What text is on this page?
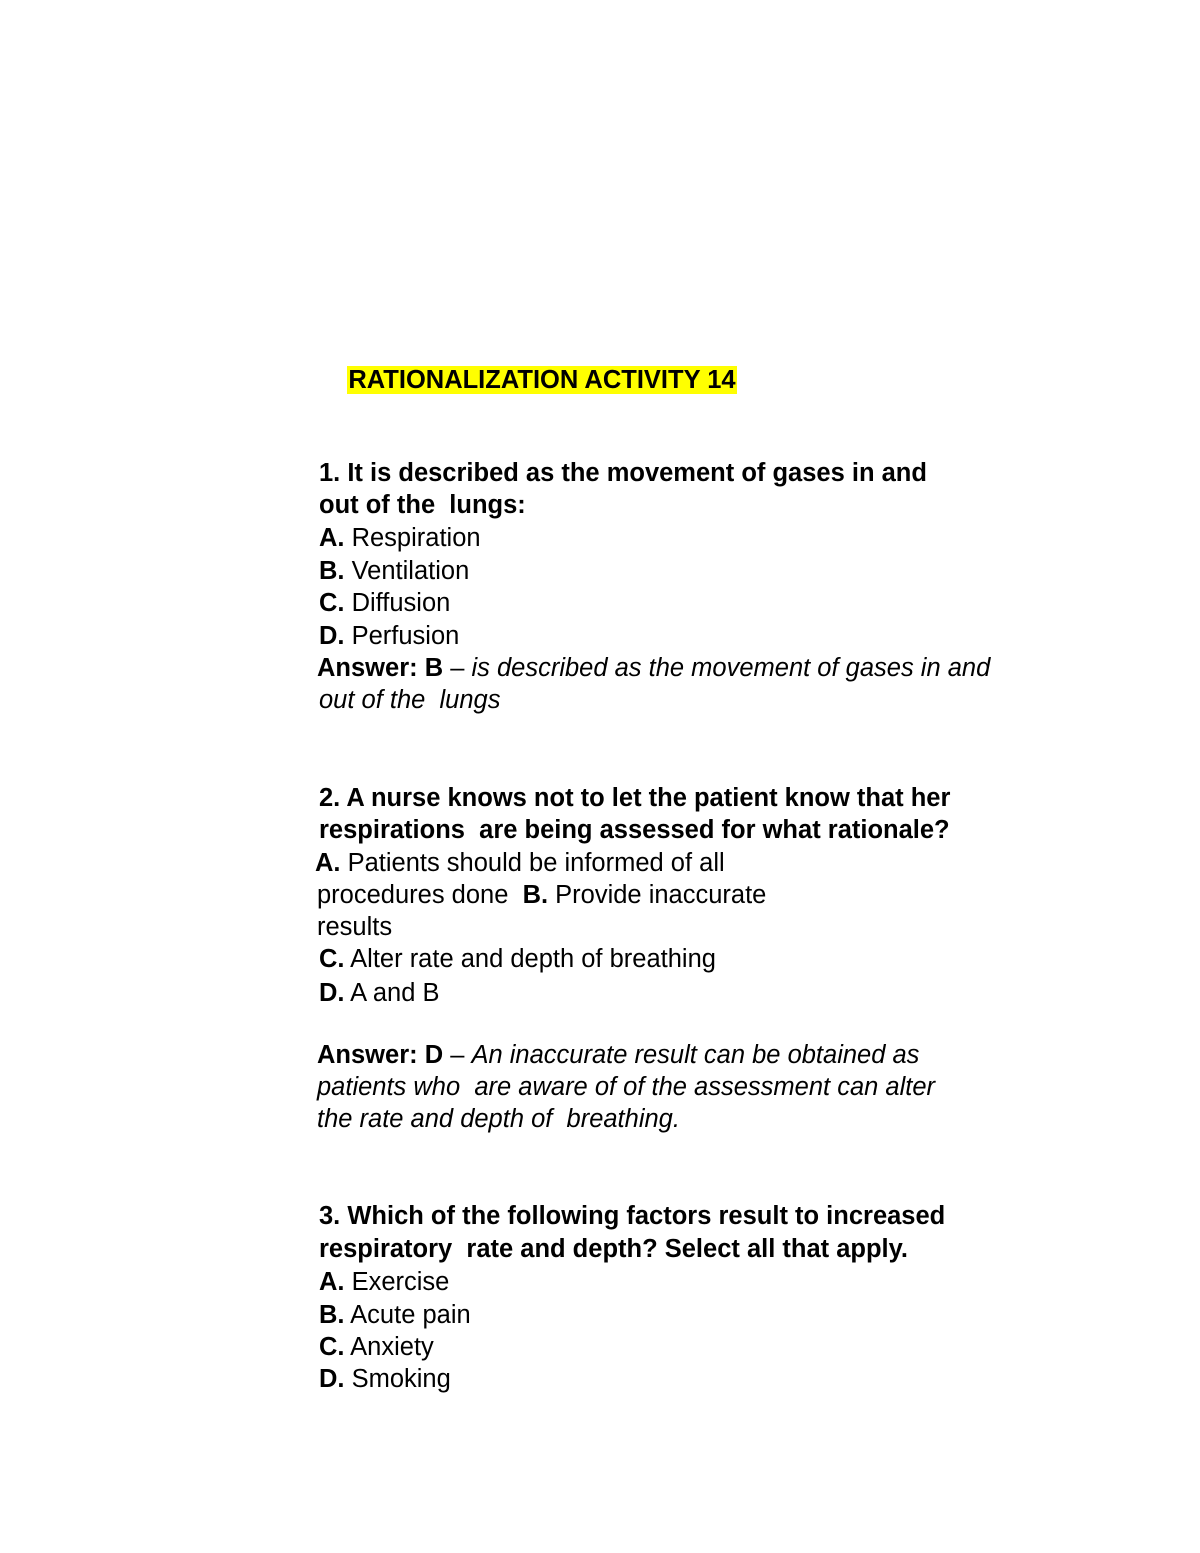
RATIONALIZATION ACTIVITY 14

1. It is described as the movement of gases in and
out of the  lungs:
A. Respiration
B. Ventilation
C. Diffusion
D. Perfusion
Answer: B – is described as the movement of gases in and
out of the  lungs
2. A nurse knows not to let the patient know that her
respirations  are being assessed for what rationale?
A. Patients should be informed of all
procedures done  B. Provide inaccurate
results
C. Alter rate and depth of breathing
D. A and B
Answer: D – An inaccurate result can be obtained as
patients who  are aware of of the assessment can alter
the rate and depth of  breathing.
3. Which of the following factors result to increased
respiratory  rate and depth? Select all that apply.
A. Exercise
B. Acute pain
C. Anxiety
D. Smoking
